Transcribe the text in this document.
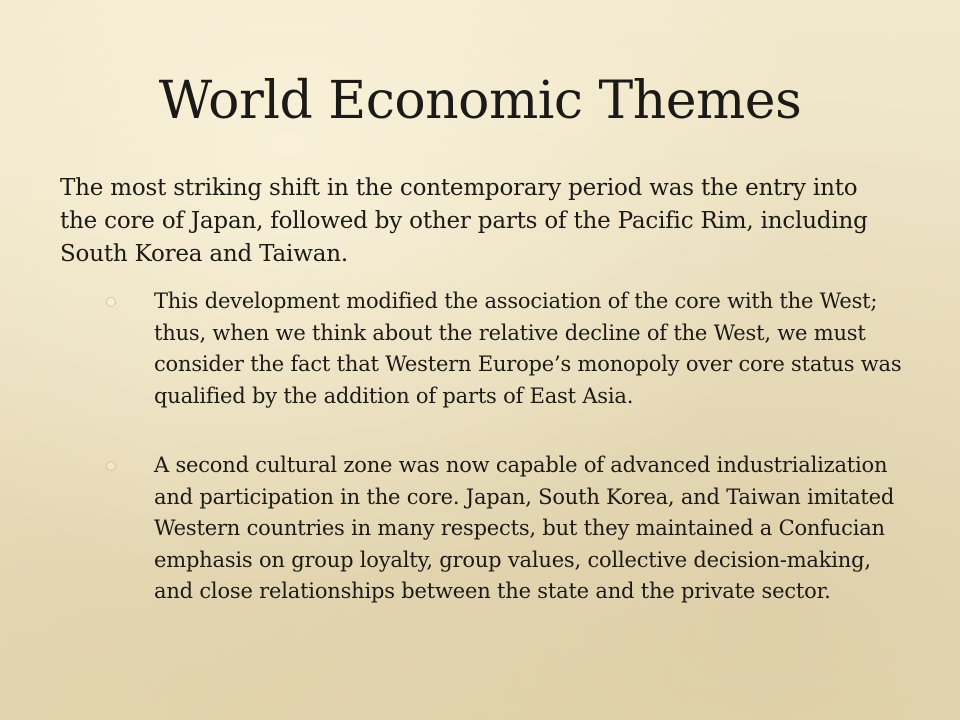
World Economic Themes

The most striking shift in the contemporary period was the entry into the core of Japan, followed by other parts of the Pacific Rim, including South Korea and Taiwan.

This development modified the association of the core with the West; thus, when we think about the relative decline of the West, we must consider the fact that Western Europe’s monopoly over core status was qualified by the addition of parts of East Asia.

A second cultural zone was now capable of advanced industrialization and participation in the core. Japan, South Korea, and Taiwan imitated Western countries in many respects, but they maintained a Confucian emphasis on group loyalty, group values, collective decision-making, and close relationships between the state and the private sector.
